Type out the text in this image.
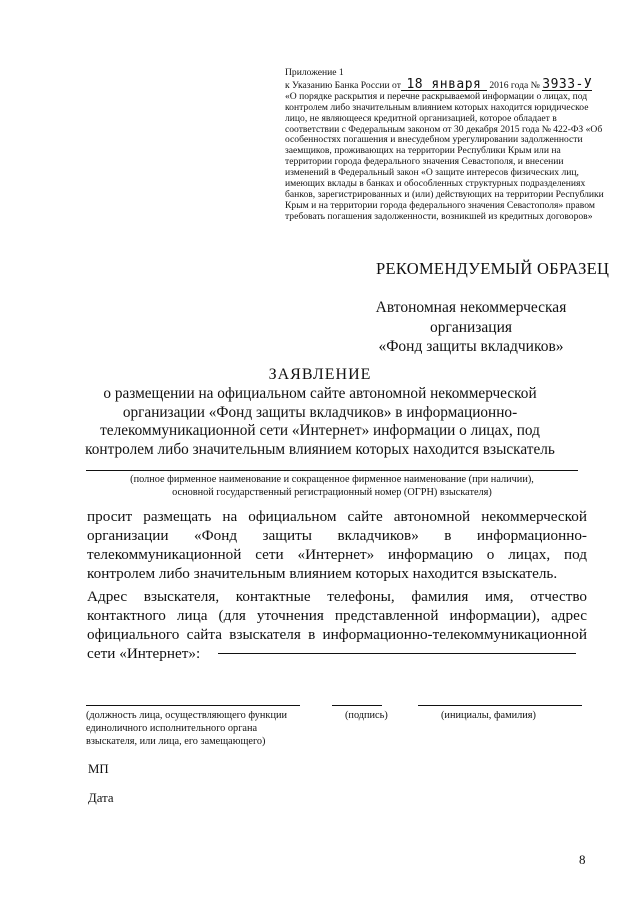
Приложение 1
к Указанию Банка России от 18 января 2016 года № 3933-У
«О порядке раскрытия и перечне раскрываемой информации о лицах, под контролем либо значительным влиянием которых находится юридическое лицо, не являющееся кредитной организацией, которое обладает в соответствии с Федеральным законом от 30 декабря 2015 года № 422-ФЗ «Об особенностях погашения и внесудебном урегулировании задолженности заемщиков, проживающих на территории Республики Крым или на территории города федерального значения Севастополя, и внесении изменений в Федеральный закон «О защите интересов физических лиц, имеющих вклады в банках и обособленных структурных подразделениях банков, зарегистрированных и (или) действующих на территории Республики Крым и на территории города федерального значения Севастополя» правом требовать погашения задолженности, возникшей из кредитных договоров»
РЕКОМЕНДУЕМЫЙ ОБРАЗЕЦ
Автономная некоммерческая
организация
«Фонд защиты вкладчиков»
ЗАЯВЛЕНИЕ
о размещении на официальном сайте автономной некоммерческой организации «Фонд защиты вкладчиков» в информационно-телекоммуникационной сети «Интернет» информации о лицах, под контролем либо значительным влиянием которых находится взыскатель
(полное фирменное наименование и сокращенное фирменное наименование (при наличии),
основной государственный регистрационный номер (ОГРН) взыскателя)
просит размещать на официальном сайте автономной некоммерческой организации «Фонд защиты вкладчиков» в информационно-телекоммуникационной сети «Интернет» информацию о лицах, под контролем либо значительным влиянием которых находится взыскатель.
Адрес взыскателя, контактные телефоны, фамилия имя, отчество контактного лица (для уточнения представленной информации), адрес официального сайта взыскателя в информационно-телекоммуникационной сети «Интернет»:
(должность лица, осуществляющего функции единоличного исполнительного органа взыскателя, или лица, его замещающего)
(подпись)	(инициалы, фамилия)
МП
Дата
8
